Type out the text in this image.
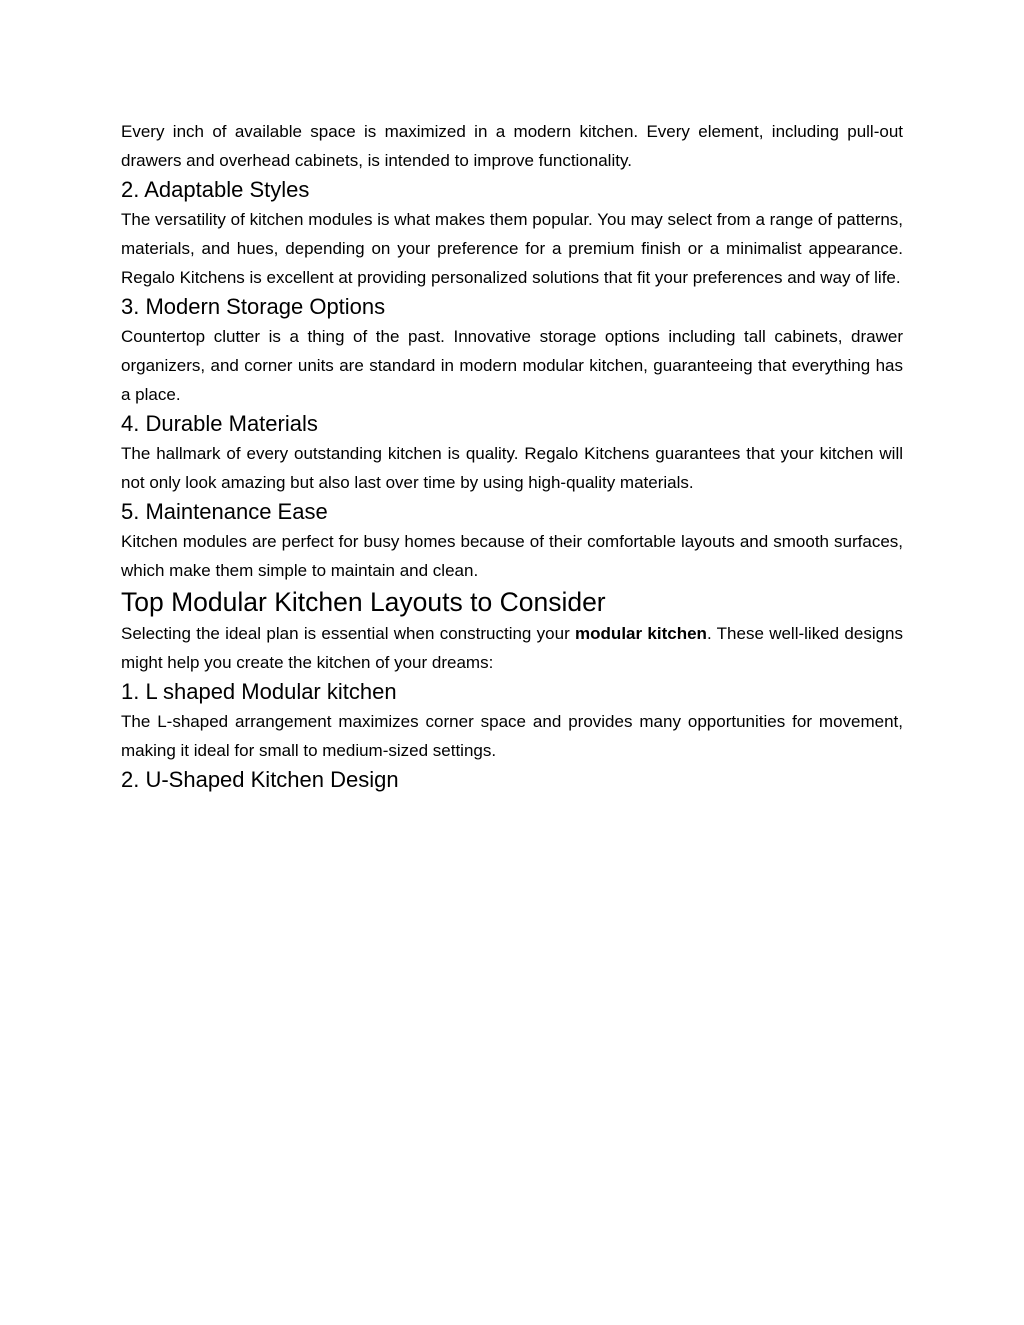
Every inch of available space is maximized in a modern kitchen. Every element, including pull-out drawers and overhead cabinets, is intended to improve functionality.

2. Adaptable Styles

The versatility of kitchen modules is what makes them popular. You may select from a range of patterns, materials, and hues, depending on your preference for a premium finish or a minimalist appearance. Regalo Kitchens is excellent at providing personalized solutions that fit your preferences and way of life.

3. Modern Storage Options

Countertop clutter is a thing of the past. Innovative storage options including tall cabinets, drawer organizers, and corner units are standard in modern modular kitchen, guaranteeing that everything has a place.

4. Durable Materials

The hallmark of every outstanding kitchen is quality. Regalo Kitchens guarantees that your kitchen will not only look amazing but also last over time by using high-quality materials.

5. Maintenance Ease

Kitchen modules are perfect for busy homes because of their comfortable layouts and smooth surfaces, which make them simple to maintain and clean.

Top Modular Kitchen Layouts to Consider

Selecting the ideal plan is essential when constructing your modular kitchen. These well-liked designs might help you create the kitchen of your dreams:

1. L shaped Modular kitchen

The L-shaped arrangement maximizes corner space and provides many opportunities for movement, making it ideal for small to medium-sized settings.

2. U-Shaped Kitchen Design
